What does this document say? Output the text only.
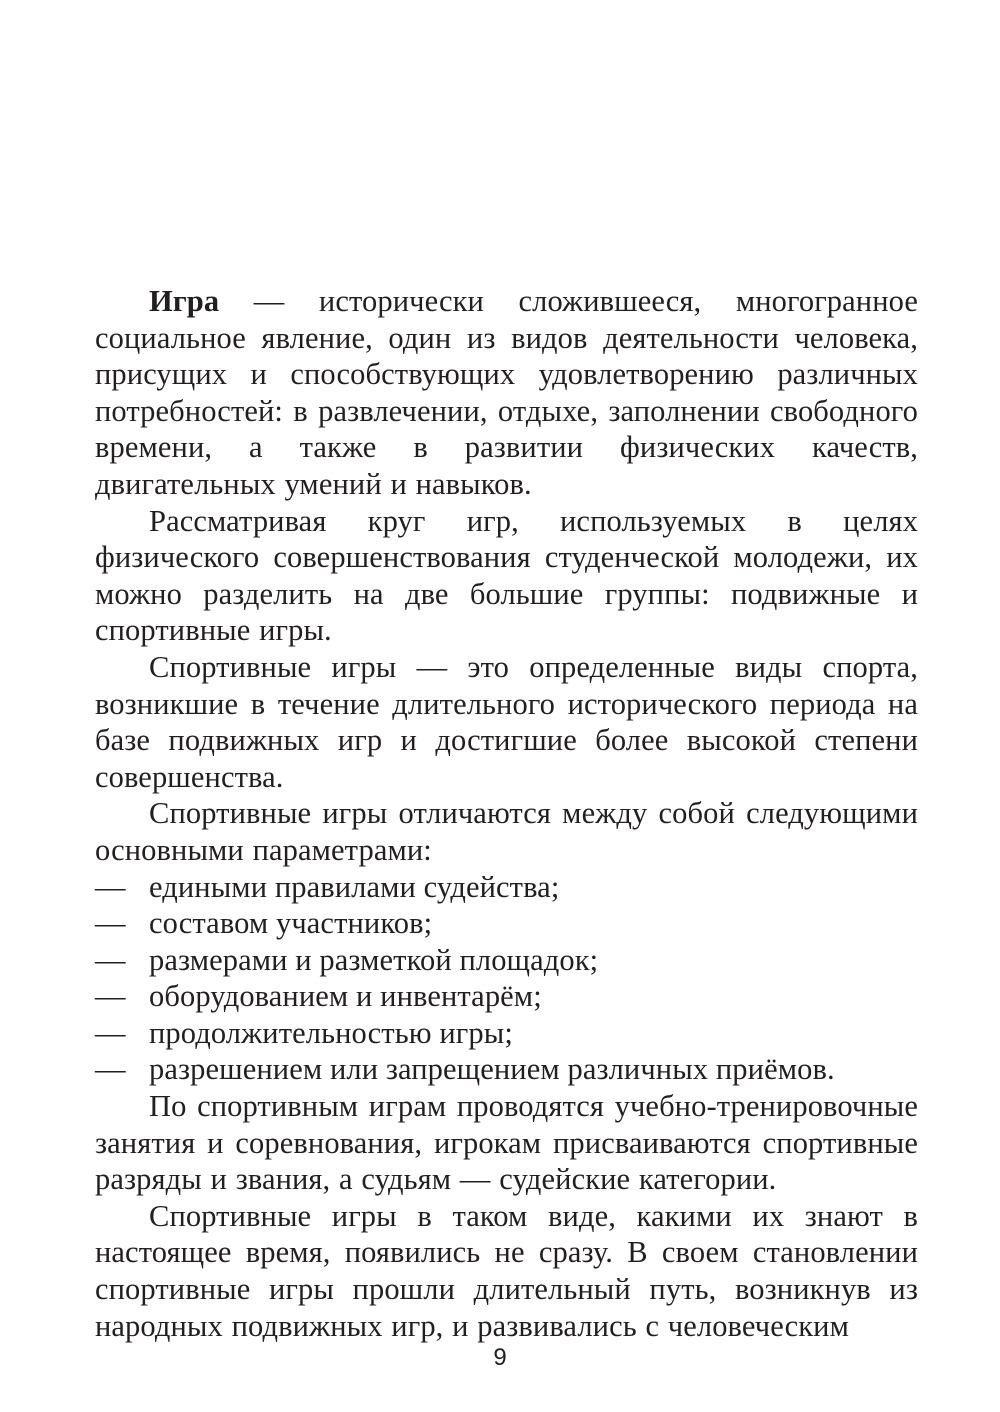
Игра — исторически сложившееся, многогранное социальное явление, один из видов деятельности человека, присущих и способствующих удовлетворению различных потребностей: в развлечении, отдыхе, заполнении свободного времени, а также в развитии физических качеств, двигательных умений и навыков.

Рассматривая круг игр, используемых в целях физического совершенствования студенческой молодежи, их можно разделить на две большие группы: подвижные и спортивные игры.

Спортивные игры — это определенные виды спорта, возникшие в течение длительного исторического периода на базе подвижных игр и достигшие более высокой степени совершенства.

Спортивные игры отличаются между собой следующими основными параметрами:

— едиными правилами судейства;
— составом участников;
— размерами и разметкой площадок;
— оборудованием и инвентарём;
— продолжительностью игры;
— разрешением или запрещением различных приёмов.

По спортивным играм проводятся учебно-тренировочные занятия и соревнования, игрокам присваиваются спортивные разряды и звания, а судьям — судейские категории.

Спортивные игры в таком виде, какими их знают в настоящее время, появились не сразу. В своем становлении спортивные игры прошли длительный путь, возникнув из народных подвижных игр, и развивались с человеческим

9
